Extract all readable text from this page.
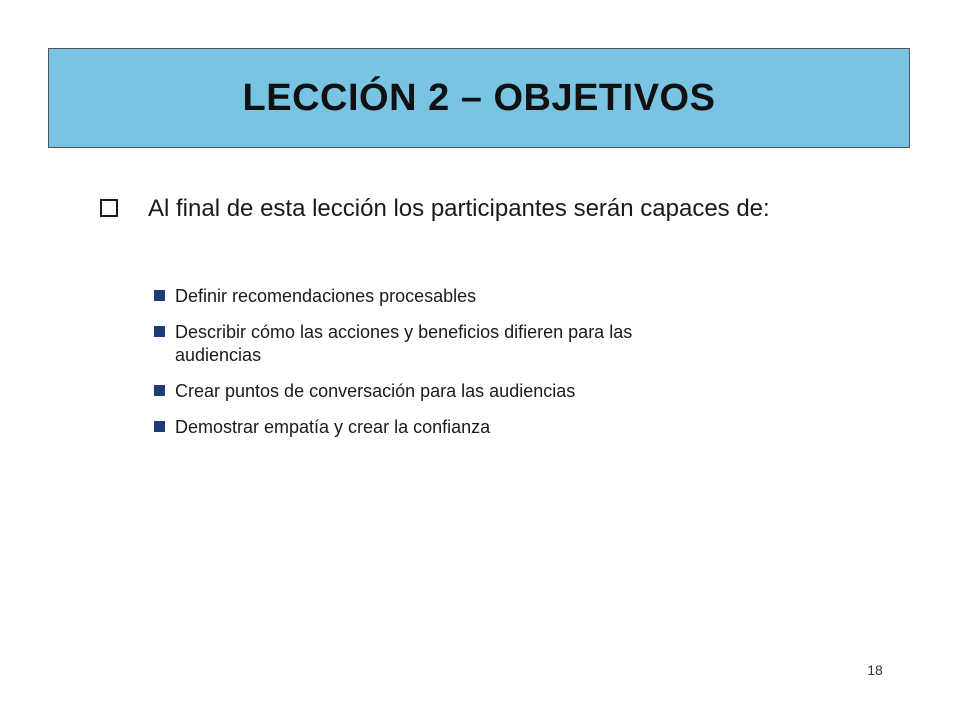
LECCIÓN 2 – OBJETIVOS
Al final de esta lección los participantes serán capaces de:
Definir recomendaciones procesables
Describir cómo las acciones y beneficios difieren para las audiencias
Crear puntos de conversación para las audiencias
Demostrar empatía y crear la confianza
18
